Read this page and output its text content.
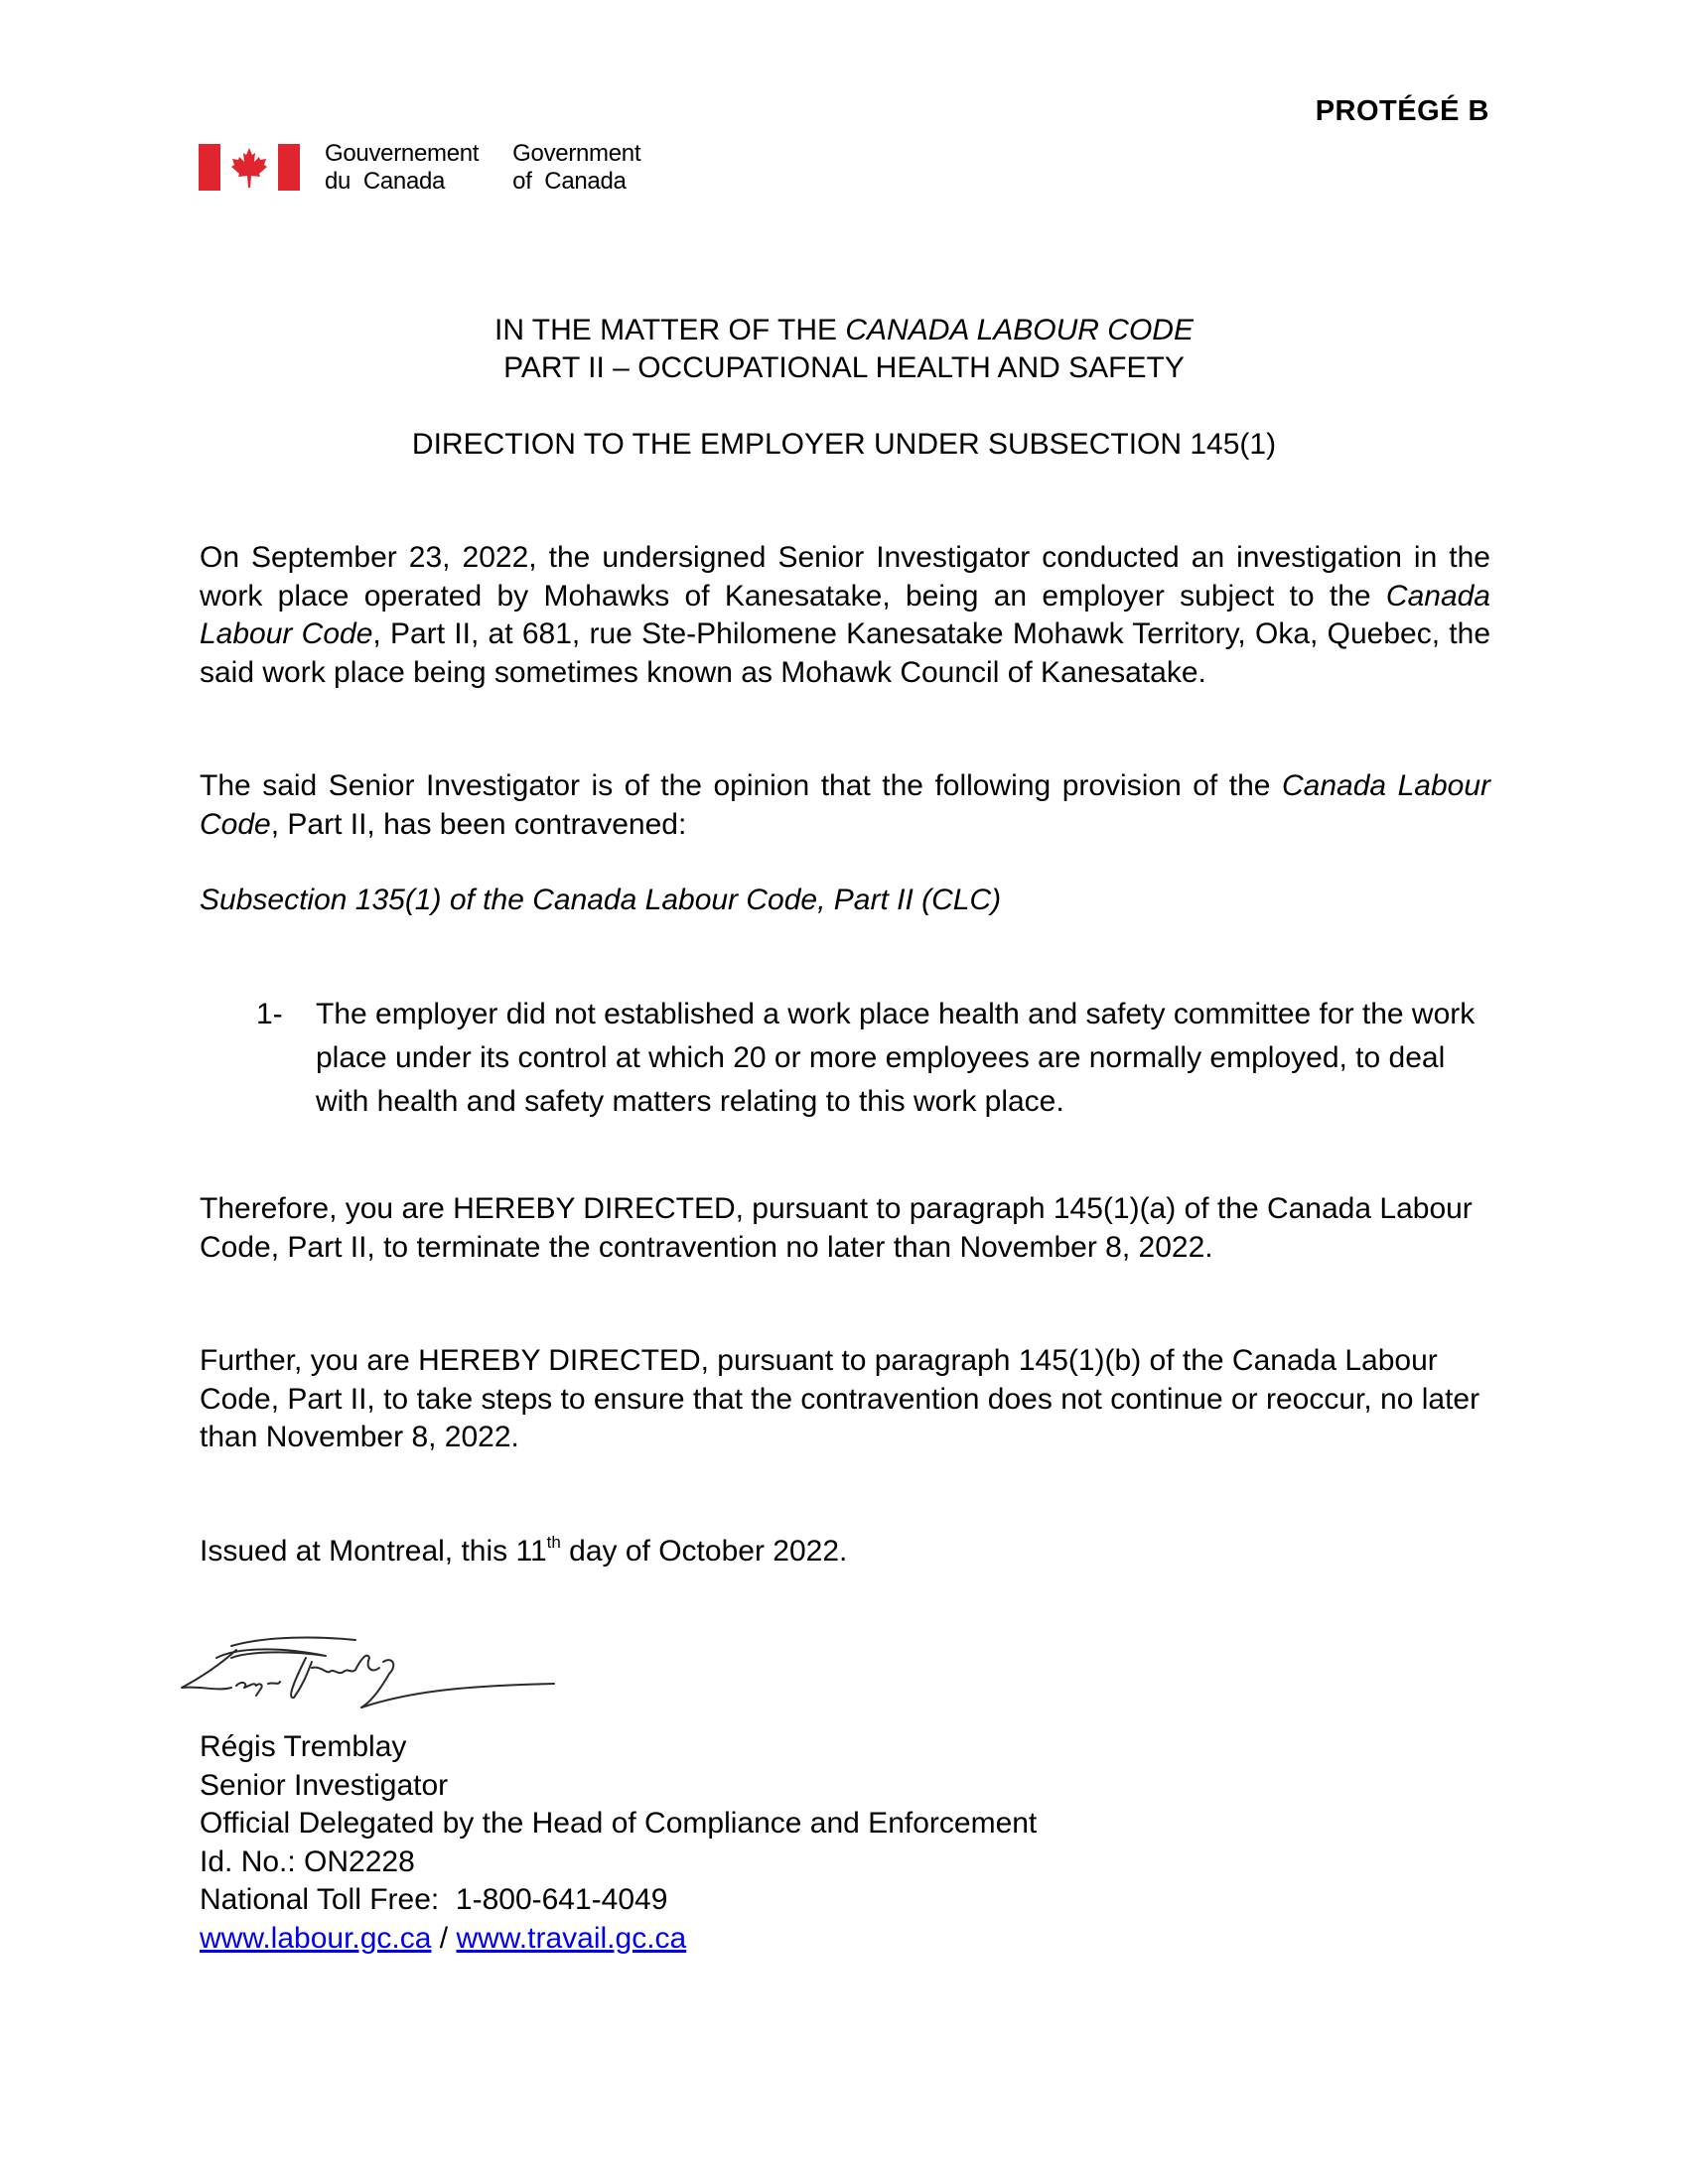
PROTÉGÉ B
Gouvernement
du  Canada
Government
of  Canada
IN THE MATTER OF THE CANADA LABOUR CODE
PART II – OCCUPATIONAL HEALTH AND SAFETY
DIRECTION TO THE EMPLOYER UNDER SUBSECTION 145(1)
On September 23, 2022, the undersigned Senior Investigator conducted an investigation in the work place operated by Mohawks of Kanesatake, being an employer subject to the Canada Labour Code, Part II, at 681, rue Ste-Philomene Kanesatake Mohawk Territory, Oka, Quebec, the said work place being sometimes known as Mohawk Council of Kanesatake.
The said Senior Investigator is of the opinion that the following provision of the Canada Labour Code, Part II, has been contravened:
Subsection 135(1) of the Canada Labour Code, Part II (CLC)
1-	The employer did not established a work place health and safety committee for the work place under its control at which 20 or more employees are normally employed, to deal with health and safety matters relating to this work place.
Therefore, you are HEREBY DIRECTED, pursuant to paragraph 145(1)(a) of the Canada Labour Code, Part II, to terminate the contravention no later than November 8, 2022.
Further, you are HEREBY DIRECTED, pursuant to paragraph 145(1)(b) of the Canada Labour Code, Part II, to take steps to ensure that the contravention does not continue or reoccur, no later than November 8, 2022.
Issued at Montreal, this 11th day of October 2022.
Régis Tremblay
Senior Investigator
Official Delegated by the Head of Compliance and Enforcement
Id. No.: ON2228
National Toll Free:  1-800-641-4049
www.labour.gc.ca / www.travail.gc.ca
